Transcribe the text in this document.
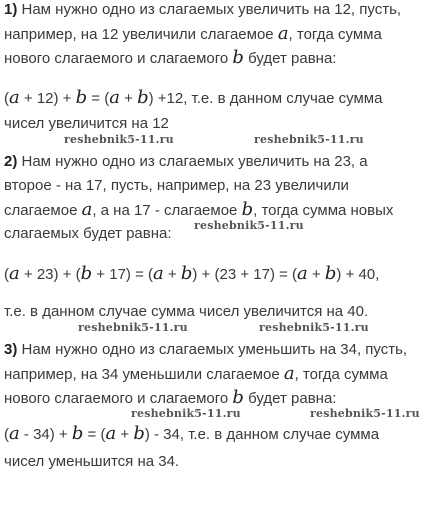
1) Нам нужно одно из слагаемых увеличить на 12, пусть,
например, на 12 увеличили слагаемое a, тогда сумма
нового слагаемого и слагаемого b будет равна:
(a + 12) + b = (a + b) +12, т.е. в данном случае сумма
чисел увеличится на 12
reshebnik5-11.ru	reshebnik5-11.ru
2) Нам нужно одно из слагаемых увеличить на 23, а
второе - на 17, пусть, например, на 23 увеличили
слагаемое a, а на 17 - слагаемое b, тогда сумма новых
reshebnik5-11.ru
слагаемых будет равна:
(a + 23) + (b + 17) = (a + b) + (23 + 17) = (a + b) + 40,
т.е. в данном случае сумма чисел увеличится на 40.
reshebnik5-11.ru	reshebnik5-11.ru
3) Нам нужно одно из слагаемых уменьшить на 34, пусть,
например, на 34 уменьшили слагаемое a, тогда сумма
нового слагаемого и слагаемого b будет равна:
reshebnik5-11.ru	reshebnik5-11.ru
(a - 34) + b = (a + b) - 34, т.е. в данном случае сумма
чисел уменьшится на 34.
